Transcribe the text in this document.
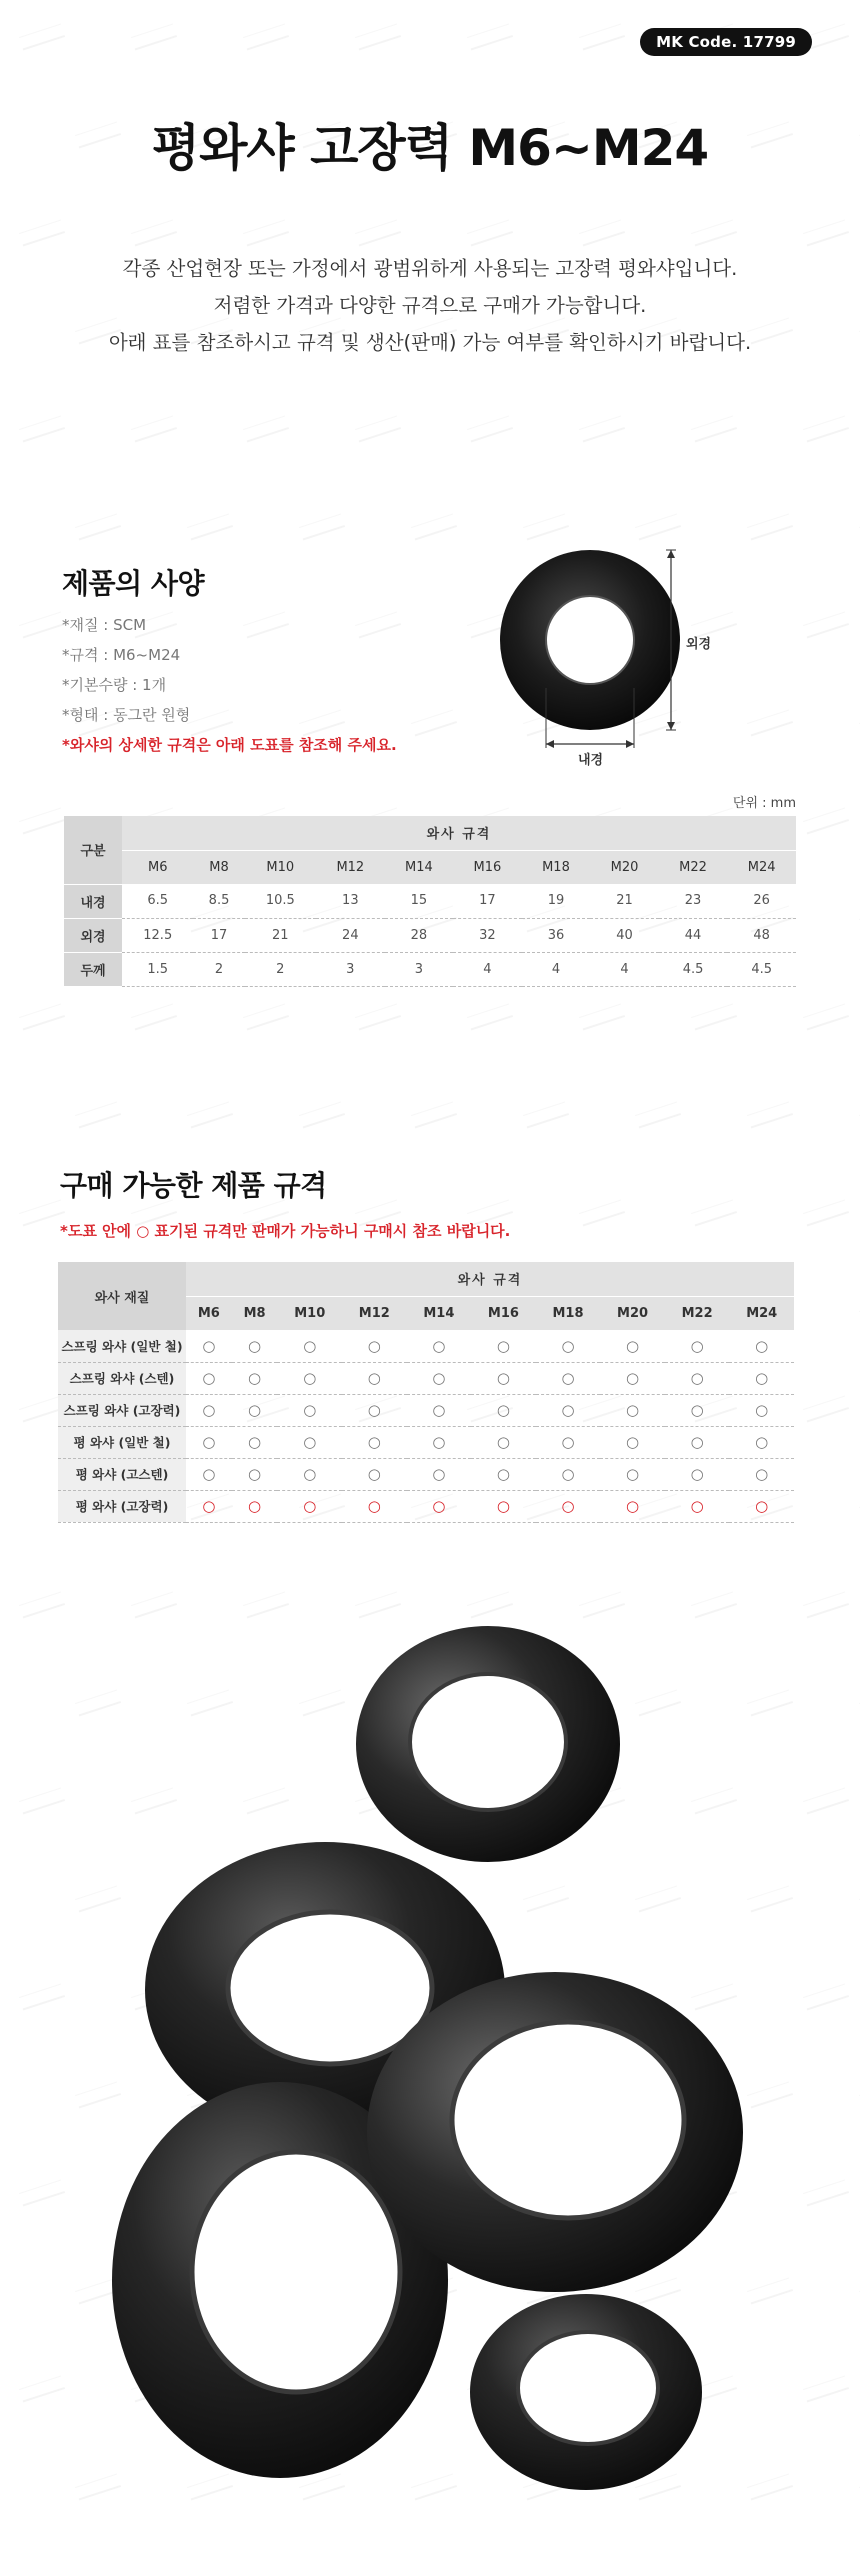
MK Code. 17799
평와샤 고장력 M6~M24

각종 산업현장 또는 가정에서 광범위하게 사용되는 고장력 평와샤입니다.

저렴한 가격과 다양한 규격으로 구매가 가능합니다.

아래 표를 참조하시고 규격 및 생산(판매) 가능 여부를 확인하시기 바랍니다.

제품의 사양
*재질 : SCM
*규격 : M6~M24
*기본수량 : 1개
*형태 : 동그란 원형
*와샤의 상세한 규격은 아래 도표를 참조해 주세요.
외경
내경
단위 : mm
구분	와사 규격									
	M6	M8	M10	M12	M14	M16	M18	M20	M22	M24
내경	6.5	8.5	10.5	13	15	17	19	21	23	26
외경	12.5	17	21	24	28	32	36	40	44	48
두께	1.5	2	2	3	3	4	4	4	4.5	4.5
구매 가능한 제품 규격
*도표 안에 ○ 표기된 규격만 판매가 가능하니 구매시 참조 바랍니다.
와사 재질	와사 규격									
	M6	M8	M10	M12	M14	M16	M18	M20	M22	M24
스프링 와샤 (일반 철)	○	○	○	○	○	○	○	○	○	○
스프링 와샤 (스텐)	○	○	○	○	○	○	○	○	○	○
스프링 와샤 (고장력)	○	○	○	○	○	○	○	○	○	○
평 와샤 (일반 철)	○	○	○	○	○	○	○	○	○	○
평 와샤 (고스텐)	○	○	○	○	○	○	○	○	○	○
평 와샤 (고장력)	○	○	○	○	○	○	○	○	○	○
